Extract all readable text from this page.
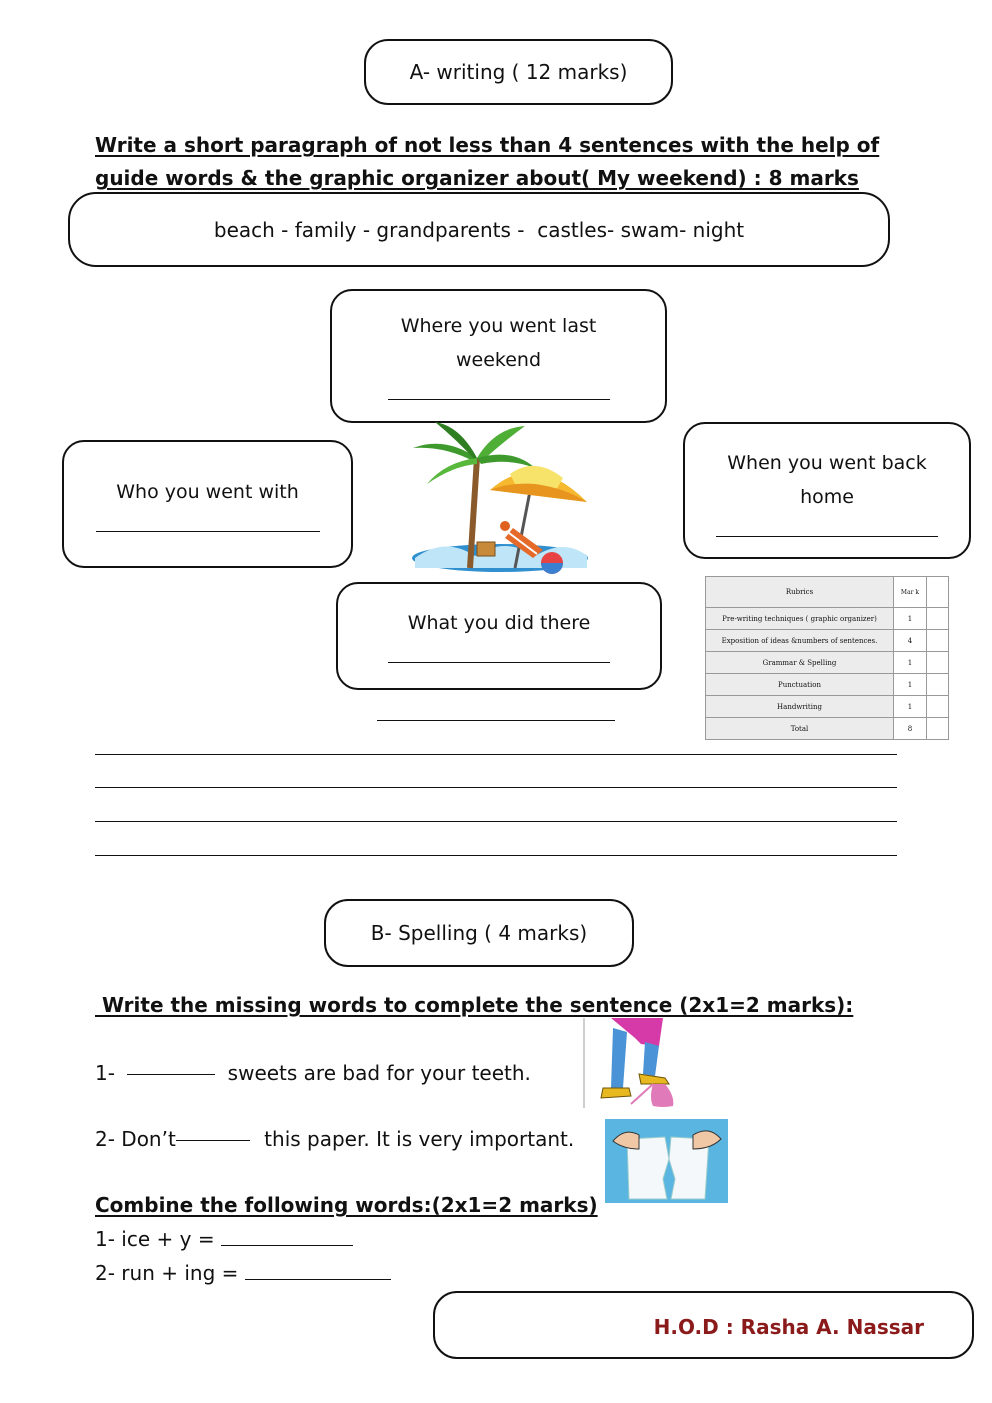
A- writing ( 12 marks)
Write a short paragraph of not less than 4 sentences with the help of
guide words & the graphic organizer about( My weekend) : 8 marks
beach - family - grandparents -  castles- swam- night
Where you went last
weekend
Who you went with
When you went back
home
What you did there
Rubrics	Mar k	
Pre-writing techniques ( graphic organizer)	1	
Exposition of ideas &numbers of sentences.	4	
Grammar & Spelling	1	
Punctuation	1	
Handwriting	1	
Total	8	
B- Spelling ( 4 marks)
Write the missing words to complete the sentence (2x1=2 marks):
1-	sweets are bad for your teeth.
2- Don’t	this paper. It is very important.
Combine the following words:(2x1=2 marks)
1- ice + y =
2- run + ing =
H.O.D : Rasha A. Nassar
